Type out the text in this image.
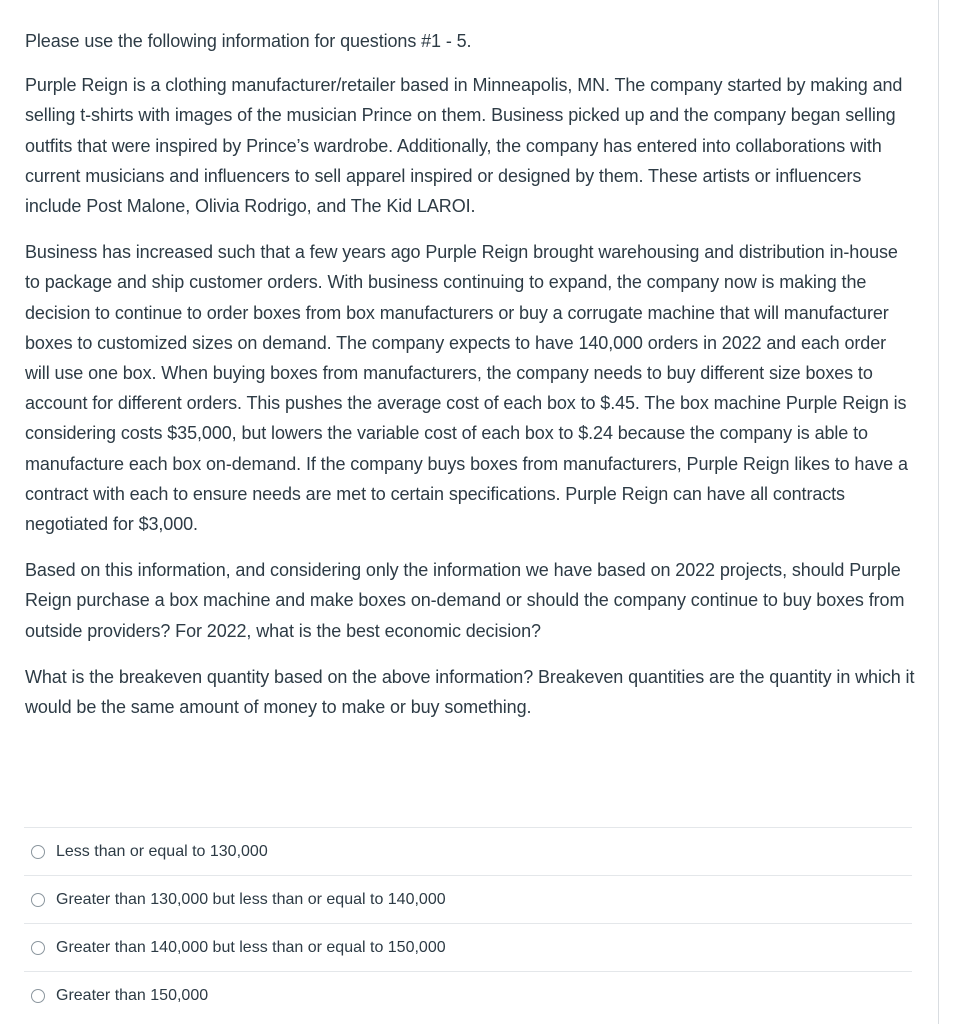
Please use the following information for questions #1 - 5.

Purple Reign is a clothing manufacturer/retailer based in Minneapolis, MN. The company started by making and selling t-shirts with images of the musician Prince on them. Business picked up and the company began selling outfits that were inspired by Prince’s wardrobe. Additionally, the company has entered into collaborations with current musicians and influencers to sell apparel inspired or designed by them. These artists or influencers include Post Malone, Olivia Rodrigo, and The Kid LAROI.

Business has increased such that a few years ago Purple Reign brought warehousing and distribution in-house to package and ship customer orders. With business continuing to expand, the company now is making the decision to continue to order boxes from box manufacturers or buy a corrugate machine that will manufacturer boxes to customized sizes on demand. The company expects to have 140,000 orders in 2022 and each order will use one box. When buying boxes from manufacturers, the company needs to buy different size boxes to account for different orders. This pushes the average cost of each box to $.45. The box machine Purple Reign is considering costs $35,000, but lowers the variable cost of each box to $.24 because the company is able to manufacture each box on-demand. If the company buys boxes from manufacturers, Purple Reign likes to have a contract with each to ensure needs are met to certain specifications. Purple Reign can have all contracts negotiated for $3,000.

Based on this information, and considering only the information we have based on 2022 projects, should Purple Reign purchase a box machine and make boxes on-demand or should the company continue to buy boxes from outside providers? For 2022, what is the best economic decision?

What is the breakeven quantity based on the above information? Breakeven quantities are the quantity in which it would be the same amount of money to make or buy something.

Less than or equal to 130,000
Greater than 130,000 but less than or equal to 140,000
Greater than 140,000 but less than or equal to 150,000
Greater than 150,000
